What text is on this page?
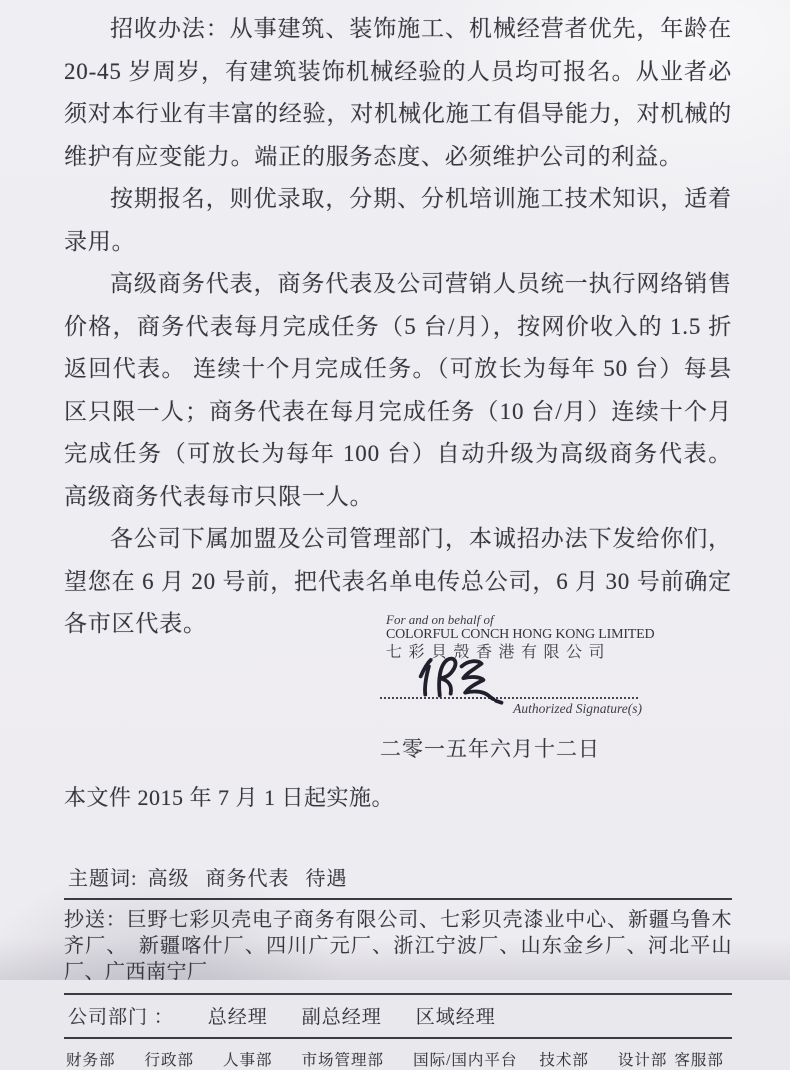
招收办法：从事建筑、装饰施工、机械经营者优先，年龄在 20-45 岁周岁，有建筑装饰机械经验的人员均可报名。从业者必须对本行业有丰富的经验，对机械化施工有倡导能力，对机械的维护有应变能力。端正的服务态度、必须维护公司的利益。

按期报名，则优录取，分期、分机培训施工技术知识，适着录用。

高级商务代表，商务代表及公司营销人员统一执行网络销售价格，商务代表每月完成任务（5 台/月），按网价收入的 1.5 折返回代表。 连续十个月完成任务。（可放长为每年 50 台）每县区只限一人；商务代表在每月完成任务（10 台/月）连续十个月完成任务（可放长为每年 100 台）自动升级为高级商务代表。高级商务代表每市只限一人。

各公司下属加盟及公司管理部门，本诚招办法下发给你们，望您在 6 月 20 号前，把代表名单电传总公司，6 月 30 号前确定各市区代表。	For and on behalf of
COLORFUL CONCH HONG KONG LIMITED
七彩貝殼香港有限公司
Authorized Signature(s)
二零一五年六月十二日
本文件 2015 年 7 月 1 日起实施。
主题词: 高级 商务代表 待遇
抄送：巨野七彩贝壳电子商务有限公司、七彩贝壳漆业中心、新疆乌鲁木齐厂、　新疆喀什厂、四川广元厂、浙江宁波厂、山东金乡厂、河北平山厂、广西南宁厂
公司部门 ： 总经理 副总经理 区域经理
财务部 行政部 人事部 市场管理部 国际/国内平台 技术部 设计部 客服部
